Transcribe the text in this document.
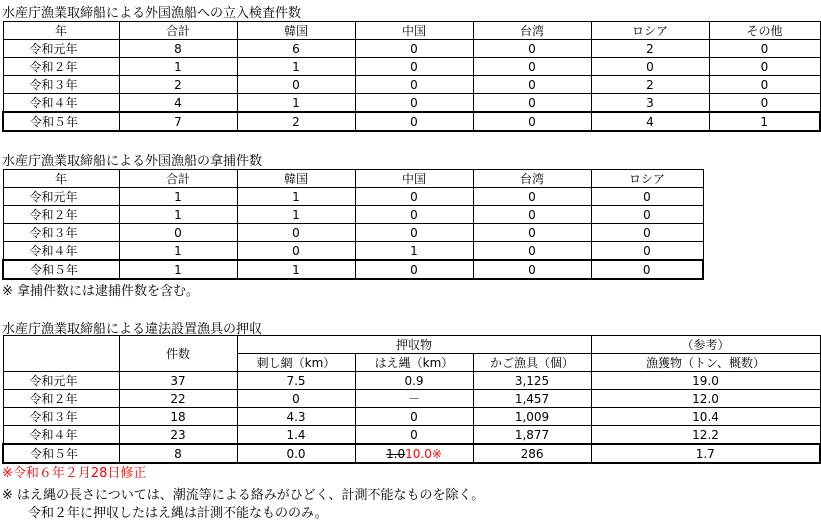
水産庁漁業取締船による外国漁船への立入検査件数
年	合計	韓国	中国	台湾	ロシア	その他
令和元年	8	6	0	0	2	0
令和２年	1	1	0	0	0	0
令和３年	2	0	0	0	2	0
令和４年	4	1	0	0	3	0
令和５年	7	2	0	0	4	1
水産庁漁業取締船による外国漁船の拿捕件数
年	合計	韓国	中国	台湾	ロシア
令和元年	1	1	0	0	0
令和２年	1	1	0	0	0
令和３年	0	0	0	0	0
令和４年	1	0	1	0	0
令和５年	1	1	0	0	0
※ 拿捕件数には逮捕件数を含む。
水産庁漁業取締船による違法設置漁具の押収
	件数	押収物			（参考）
		刺し網（km）	はえ縄（km）	かご漁具（個）	漁獲物（トン、概数）
令和元年	37	7.5	0.9	3,125	19.0
令和２年	22	0	－	1,457	12.0
令和３年	18	4.3	0	1,009	10.4
令和４年	23	1.4	0	1,877	12.2
令和５年	8	0.0	1.010.0※	286	1.7
※令和６年２月28日修正
※ はえ縄の長さについては、潮流等による絡みがひどく、計測不能なものを除く。
令和２年に押収したはえ縄は計測不能なもののみ。
